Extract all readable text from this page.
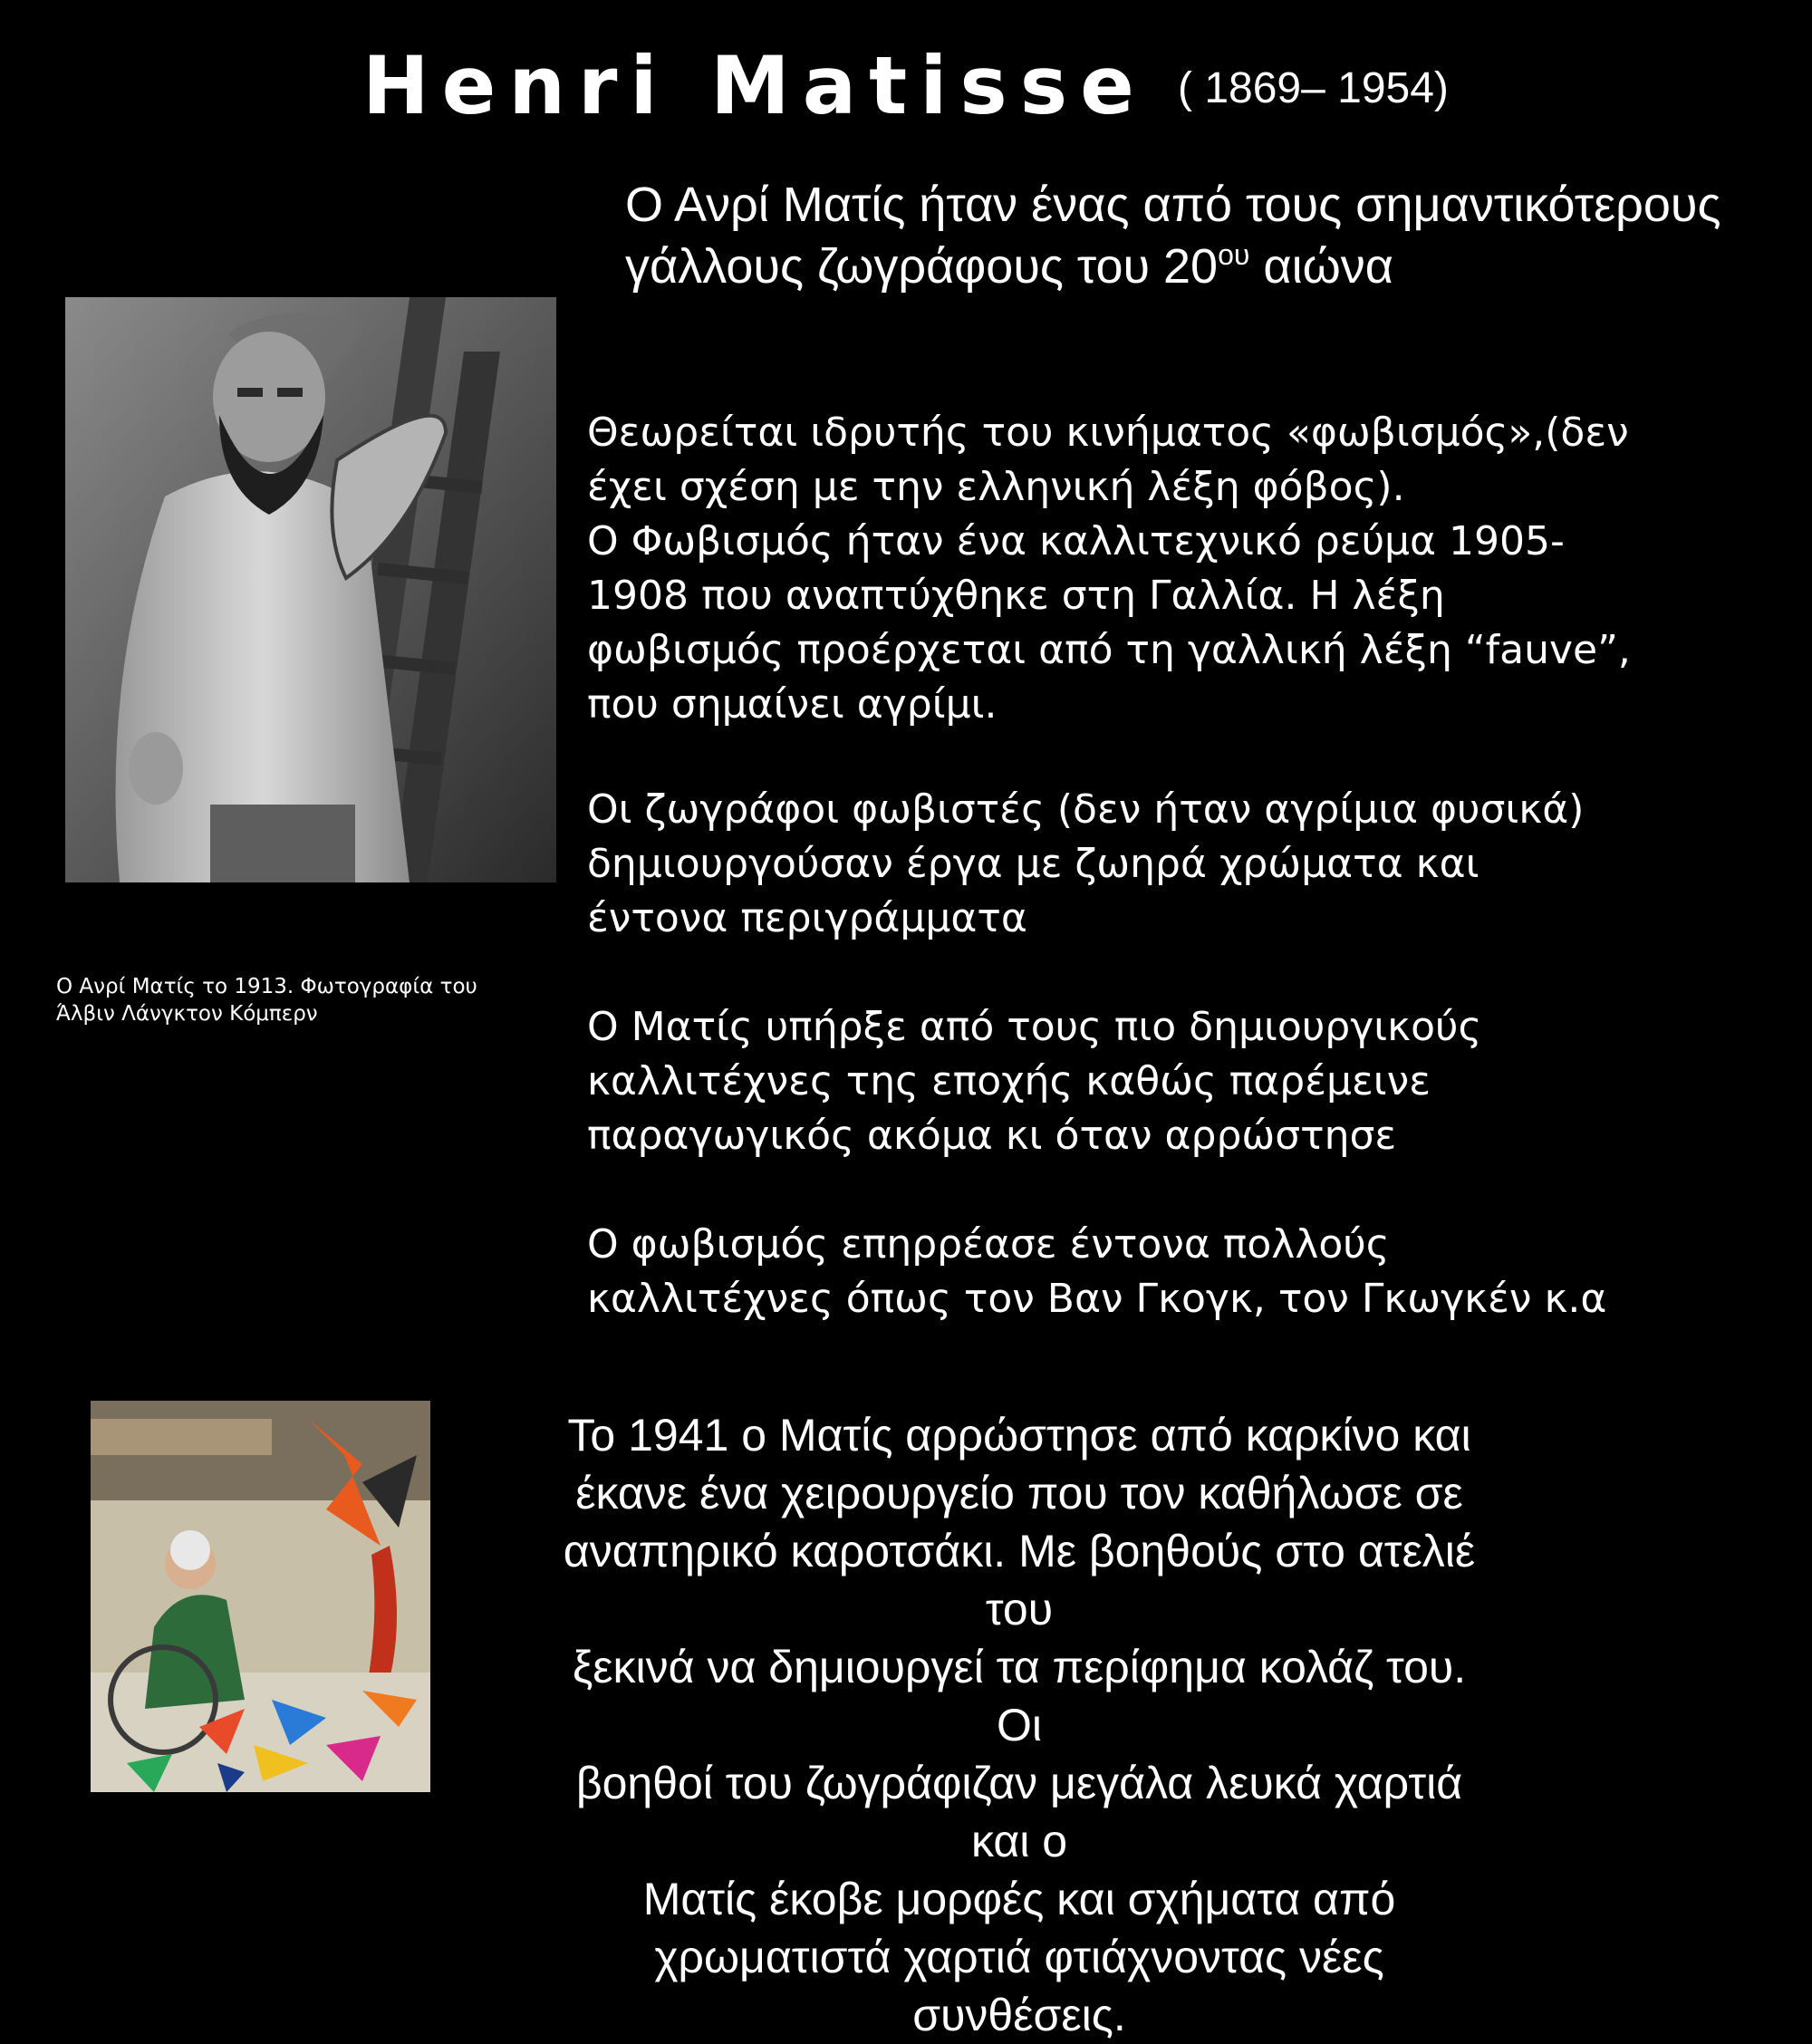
Henri Matisse ( 1869– 1954)

Ο Ανρί Ματίς ήταν ένας από τους σημαντικότερους γάλλους ζωγράφους του $20^{o\upsilon}$ αιώνα

Θεωρείται ιδρυτής του κινήματος «φωβισμός»,(δεν
έχει σχέση με την ελληνική λέξη φόβος).
Ο Φωβισμός ήταν ένα καλλιτεχνικό ρεύμα 1905-
1908 που αναπτύχθηκε στη Γαλλία. Η λέξη
φωβισμός προέρχεται από τη γαλλική λέξη “fauve”,
που σημαίνει αγρίμι.
Οι ζωγράφοι φωβιστές (δεν ήταν αγρίμια φυσικά)
δημιουργούσαν έργα με ζωηρά χρώματα και
έντονα περιγράμματα
Ο Ματίς υπήρξε από τους πιο δημιουργικούς
καλλιτέχνες της εποχής καθώς παρέμεινε
παραγωγικός ακόμα κι όταν αρρώστησε
Ο φωβισμός επηρρέασε έντονα πολλούς
καλλιτέχνες όπως τον Βαν Γκογκ, τον Γκωγκέν κ.α
Το 1941 ο Ματίς αρρώστησε από καρκίνο και
έκανε ένα χειρουργείο που τον καθήλωσε σε
αναπηρικό καροτσάκι. Με βοηθούς στο ατελιέ του
ξεκινά να δημιουργεί τα περίφημα κολάζ του. Οι
βοηθοί του ζωγράφιζαν μεγάλα λευκά χαρτιά και ο
Ματίς έκοβε μορφές και σχήματα από
χρωματιστά χαρτιά φτιάχνοντας νέες συνθέσεις.
Ο Ανρί Ματίς το 1913. Φωτογραφία του
Άλβιν Λάνγκτον Κόμπερν
